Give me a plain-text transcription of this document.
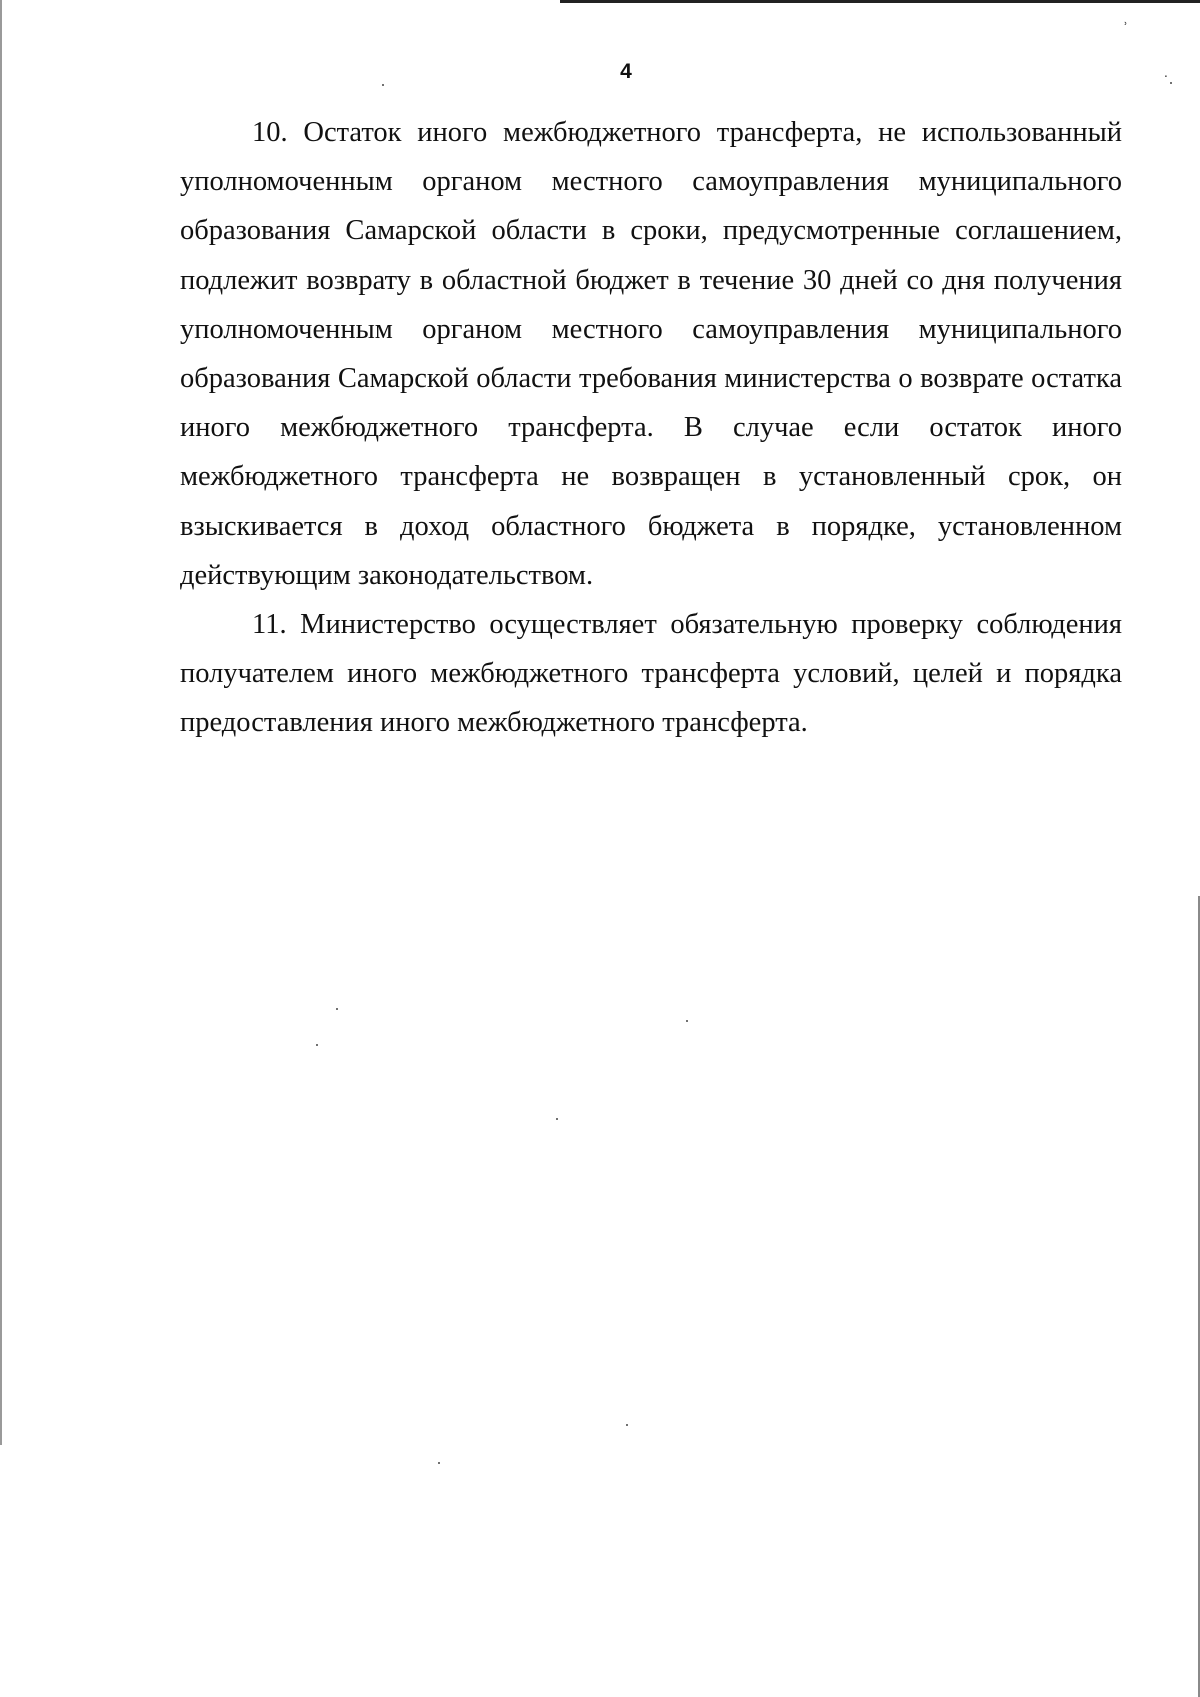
ʾ
‧
4

10. Остаток иного межбюджетного трансферта, не использованный уполномоченным органом местного самоуправления муниципального образования Самарской области в сроки, предусмотренные соглашением, подлежит возврату в областной бюджет в течение 30 дней со дня получения уполномоченным органом местного самоуправления муниципального образования Самарской области требования министерства о возврате остатка иного межбюджетного трансферта. В случае если остаток иного межбюджетного трансферта не возвращен в установленный срок, он взыскивается в доход областного бюджета в порядке, установленном действующим законодательством.

11. Министерство осуществляет обязательную проверку соблюдения получателем иного межбюджетного трансферта условий, целей и порядка предоставления иного межбюджетного трансферта.
